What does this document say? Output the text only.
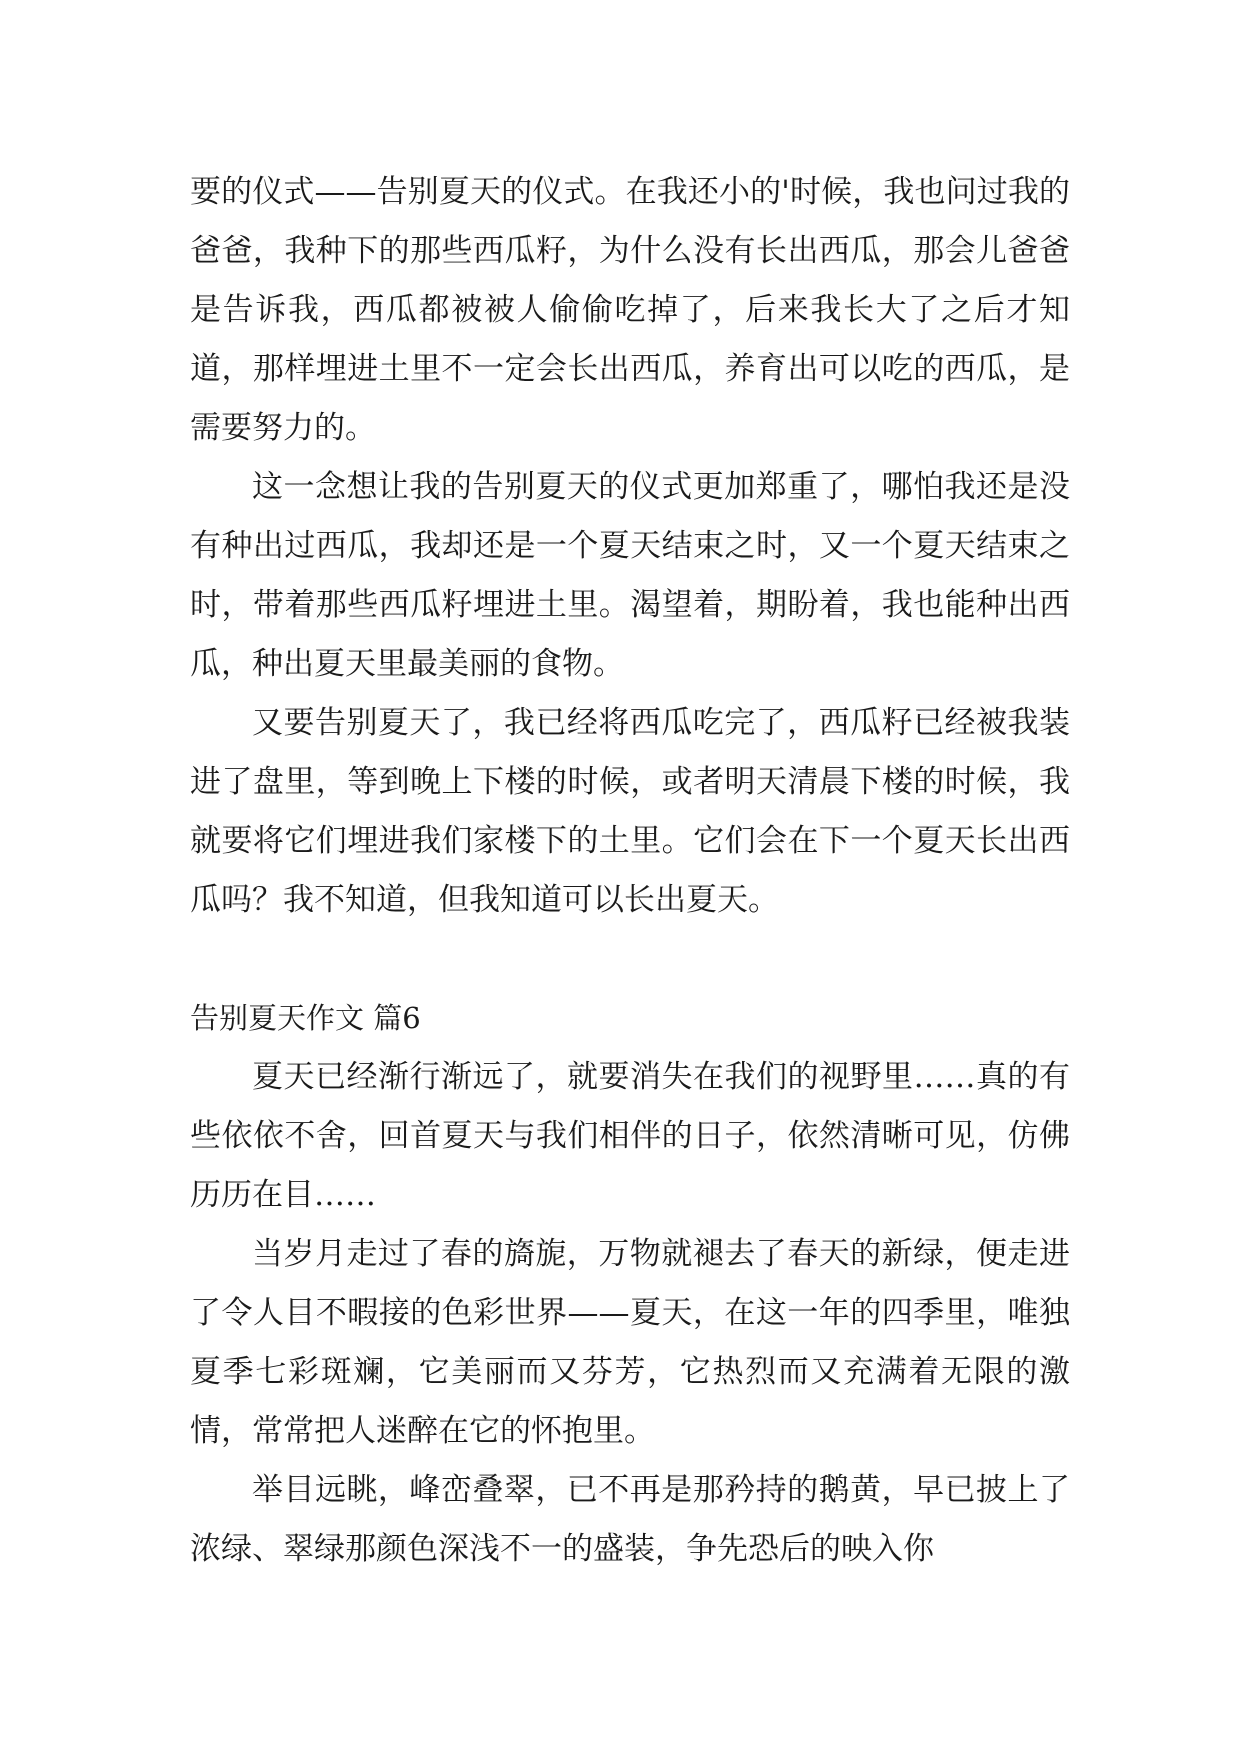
要的仪式——告别夏天的仪式。在我还小的'时候，我也问过我的爸爸，我种下的那些西瓜籽，为什么没有长出西瓜，那会儿爸爸是告诉我，西瓜都被被人偷偷吃掉了，后来我长大了之后才知道，那样埋进土里不一定会长出西瓜，养育出可以吃的西瓜，是需要努力的。

这一念想让我的告别夏天的仪式更加郑重了，哪怕我还是没有种出过西瓜，我却还是一个夏天结束之时，又一个夏天结束之时，带着那些西瓜籽埋进土里。渴望着，期盼着，我也能种出西瓜，种出夏天里最美丽的食物。

又要告别夏天了，我已经将西瓜吃完了，西瓜籽已经被我装进了盘里，等到晚上下楼的时候，或者明天清晨下楼的时候，我就要将它们埋进我们家楼下的土里。它们会在下一个夏天长出西瓜吗？我不知道，但我知道可以长出夏天。

告别夏天作文 篇6

夏天已经渐行渐远了，就要消失在我们的视野里……真的有些依依不舍，回首夏天与我们相伴的日子，依然清晰可见，仿佛历历在目……

当岁月走过了春的旖旎，万物就褪去了春天的新绿，便走进了令人目不暇接的色彩世界——夏天，在这一年的四季里，唯独夏季七彩斑斓，它美丽而又芬芳，它热烈而又充满着无限的激情，常常把人迷醉在它的怀抱里。

举目远眺，峰峦叠翠，已不再是那矜持的鹅黄，早已披上了浓绿、翠绿那颜色深浅不一的盛装，争先恐后的映入你
